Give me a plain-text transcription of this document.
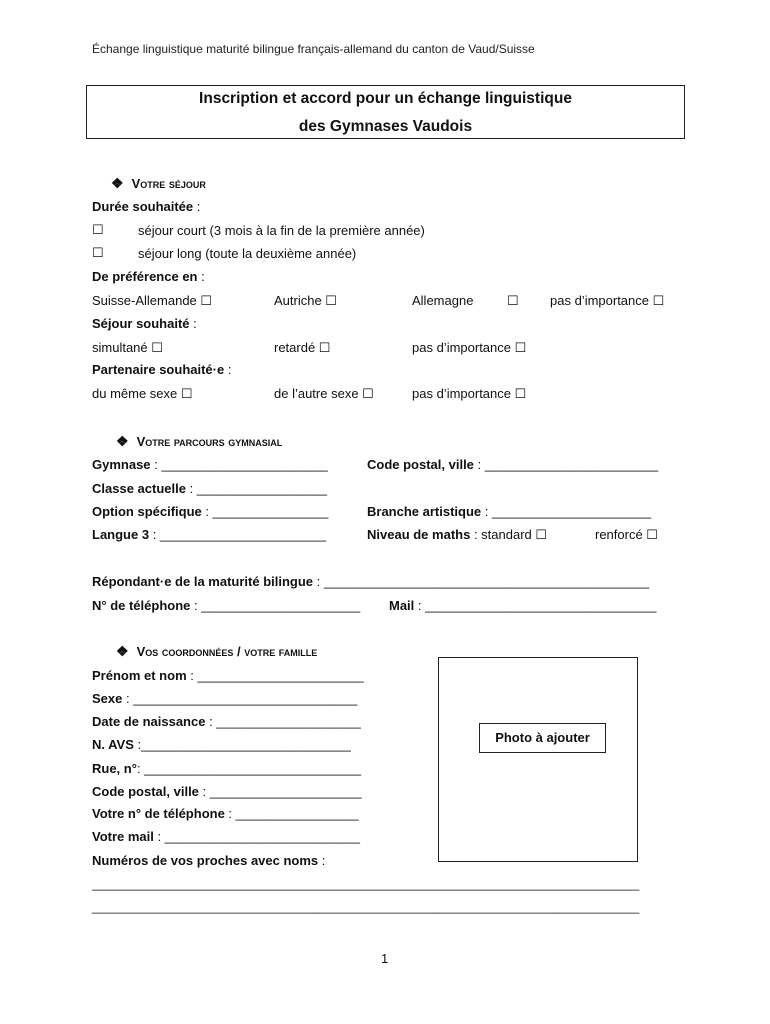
Échange linguistique maturité bilingue français-allemand du canton de Vaud/Suisse
Inscription et accord pour un échange linguistique
des Gymnases Vaudois
❖ Votre séjour
Durée souhaitée :
☐	séjour court (3 mois à la fin de la première année)
☐	séjour long (toute la deuxième année)
De préférence en :
Suisse-Allemande ☐	Autriche ☐	Allemagne	☐ pas d’importance ☐
Séjour souhaité :
simultané ☐	retardé ☐	pas d’importance ☐
Partenaire souhaité·e :
du même sexe ☐	de l’autre sexe ☐	pas d’importance ☐
❖ Votre parcours gymnasial
Gymnase : _______________________	Code postal, ville : ________________________
Classe actuelle : __________________
Option spécifique : ________________	Branche artistique : ______________________
Langue 3 : _______________________	Niveau de maths : standard ☐	renforcé ☐
Répondant·e de la maturité bilingue : _____________________________________________
N° de téléphone : ______________________ Mail : ________________________________
❖ Vos coordonnées / votre famille
Prénom et nom : _______________________
Sexe : _______________________________
Date de naissance : ____________________
N. AVS :_____________________________
Rue, n°: ______________________________
Code postal, ville : _____________________
Votre n° de téléphone : _________________
Votre mail : ___________________________
Numéros de vos proches avec noms :
__________________________________________________________________________________
__________________________________________________________________________________
Photo à ajouter
1
